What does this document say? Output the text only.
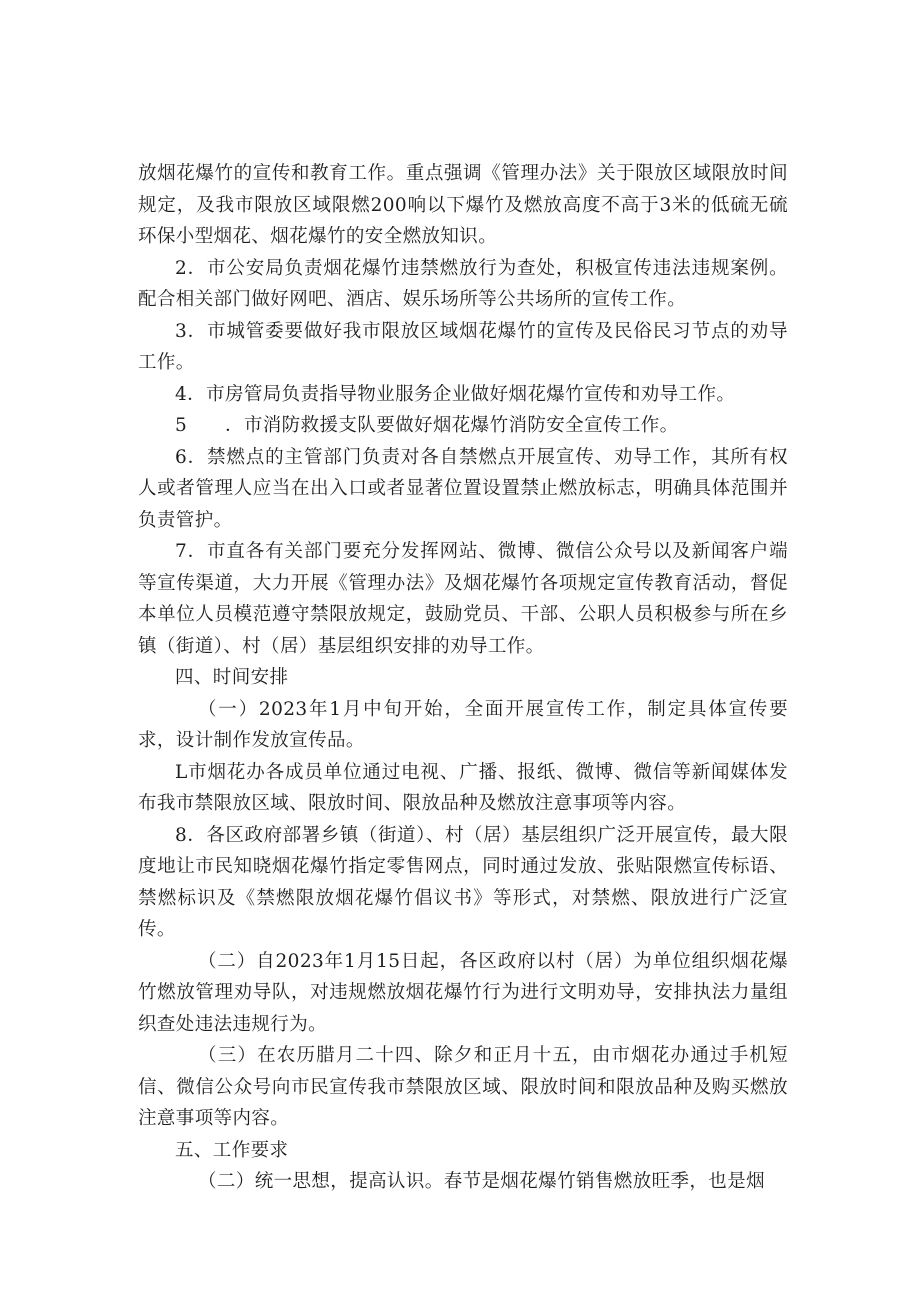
放烟花爆竹的宣传和教育工作。重点强调《管理办法》关于限放区域限放时间规定，及我市限放区域限燃200响以下爆竹及燃放高度不高于3米的低硫无硫环保小型烟花、烟花爆竹的安全燃放知识。

2．市公安局负责烟花爆竹违禁燃放行为查处，积极宣传违法违规案例。配合相关部门做好网吧、酒店、娱乐场所等公共场所的宣传工作。

3．市城管委要做好我市限放区域烟花爆竹的宣传及民俗民习节点的劝导工作。

4．市房管局负责指导物业服务企业做好烟花爆竹宣传和劝导工作。

5　　．市消防救援支队要做好烟花爆竹消防安全宣传工作。

6．禁燃点的主管部门负责对各自禁燃点开展宣传、劝导工作，其所有权人或者管理人应当在出入口或者显著位置设置禁止燃放标志，明确具体范围并负责管护。

7．市直各有关部门要充分发挥网站、微博、微信公众号以及新闻客户端等宣传渠道，大力开展《管理办法》及烟花爆竹各项规定宣传教育活动，督促本单位人员模范遵守禁限放规定，鼓励党员、干部、公职人员积极参与所在乡镇（街道）、村（居）基层组织安排的劝导工作。

四、时间安排

（一）2023年1月中旬开始，全面开展宣传工作，制定具体宣传要求，设计制作发放宣传品。

L市烟花办各成员单位通过电视、广播、报纸、微博、微信等新闻媒体发布我市禁限放区域、限放时间、限放品种及燃放注意事项等内容。

8．各区政府部署乡镇（街道）、村（居）基层组织广泛开展宣传，最大限度地让市民知晓烟花爆竹指定零售网点，同时通过发放、张贴限燃宣传标语、禁燃标识及《禁燃限放烟花爆竹倡议书》等形式，对禁燃、限放进行广泛宣传。

（二）自2023年1月15日起，各区政府以村（居）为单位组织烟花爆竹燃放管理劝导队，对违规燃放烟花爆竹行为进行文明劝导，安排执法力量组织查处违法违规行为。

（三）在农历腊月二十四、除夕和正月十五，由市烟花办通过手机短信、微信公众号向市民宣传我市禁限放区域、限放时间和限放品种及购买燃放注意事项等内容。

五、工作要求

（二）统一思想，提高认识。春节是烟花爆竹销售燃放旺季，也是烟
